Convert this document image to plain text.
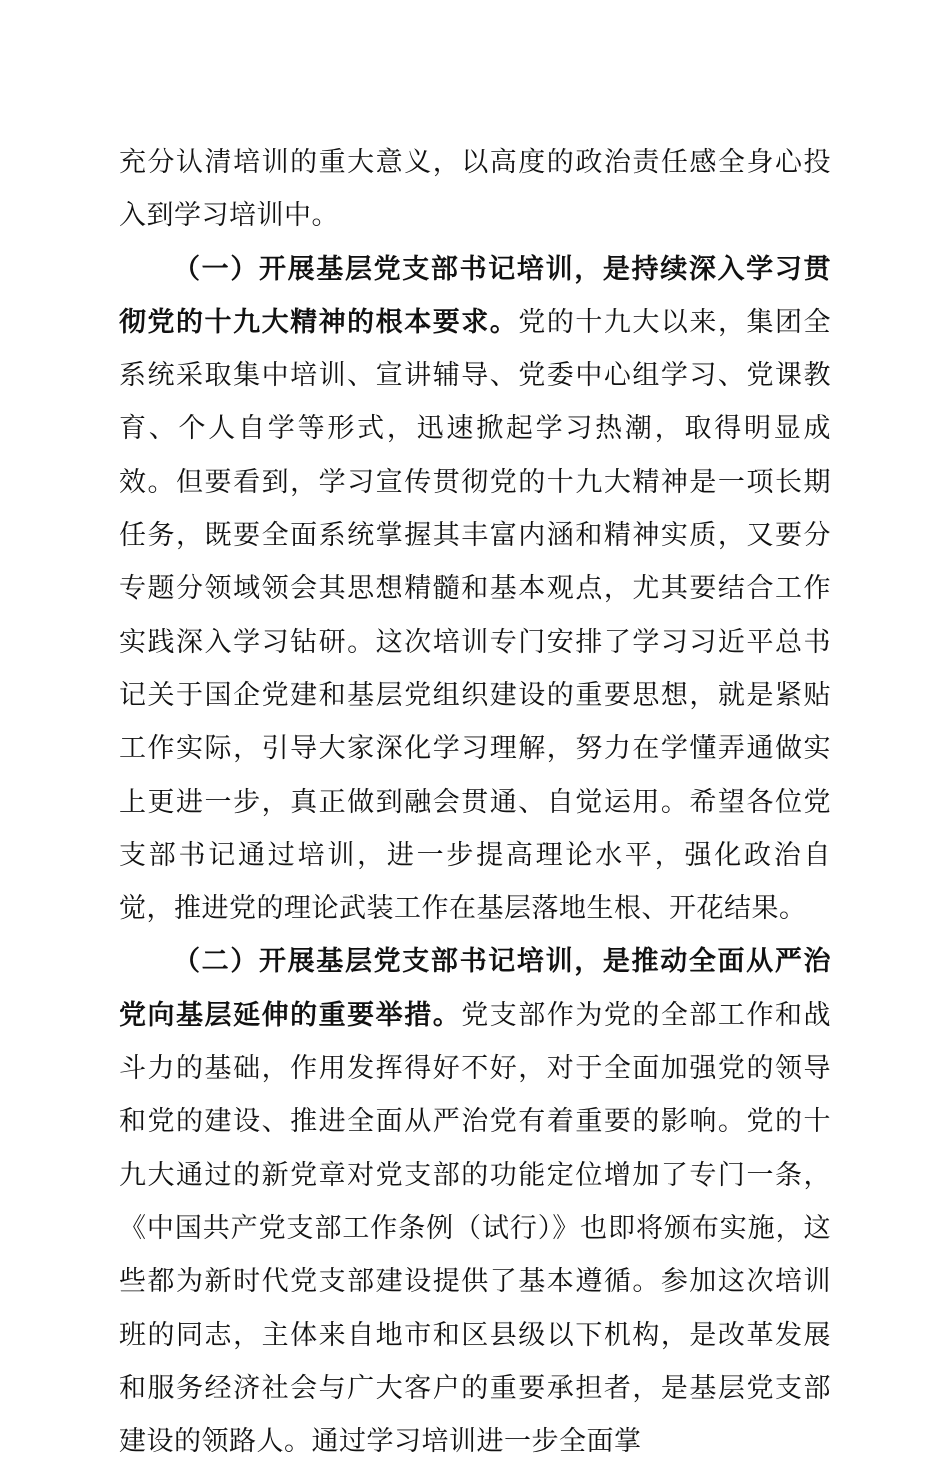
充分认清培训的重大意义，以高度的政治责任感全身心投入到学习培训中。

（一）开展基层党支部书记培训，是持续深入学习贯彻党的十九大精神的根本要求。党的十九大以来，集团全系统采取集中培训、宣讲辅导、党委中心组学习、党课教育、个人自学等形式，迅速掀起学习热潮，取得明显成效。但要看到，学习宣传贯彻党的十九大精神是一项长期任务，既要全面系统掌握其丰富内涵和精神实质，又要分专题分领域领会其思想精髓和基本观点，尤其要结合工作实践深入学习钻研。这次培训专门安排了学习习近平总书记关于国企党建和基层党组织建设的重要思想，就是紧贴工作实际，引导大家深化学习理解，努力在学懂弄通做实上更进一步，真正做到融会贯通、自觉运用。希望各位党支部书记通过培训，进一步提高理论水平，强化政治自觉，推进党的理论武装工作在基层落地生根、开花结果。

（二）开展基层党支部书记培训，是推动全面从严治党向基层延伸的重要举措。党支部作为党的全部工作和战斗力的基础，作用发挥得好不好，对于全面加强党的领导和党的建设、推进全面从严治党有着重要的影响。党的十九大通过的新党章对党支部的功能定位增加了专门一条，《中国共产党支部工作条例（试行）》也即将颁布实施，这些都为新时代党支部建设提供了基本遵循。参加这次培训班的同志，主体来自地市和区县级以下机构，是改革发展和服务经济社会与广大客户的重要承担者，是基层党支部建设的领路人。通过学习培训进一步全面掌
